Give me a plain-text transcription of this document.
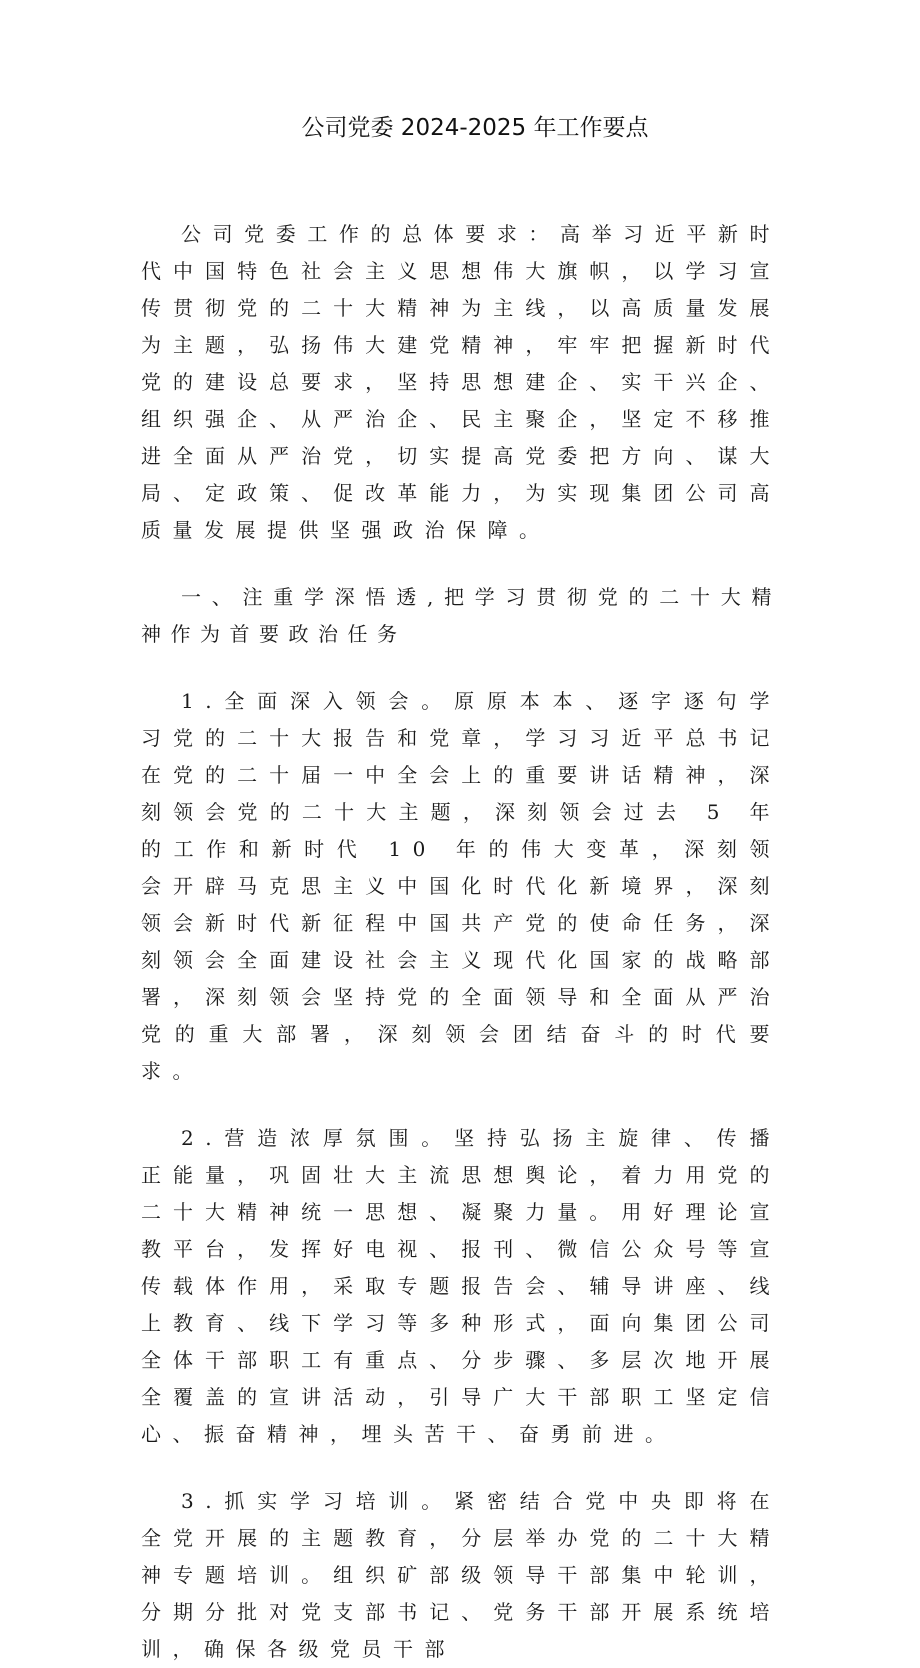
公司党委 2024-2025 年工作要点

公司党委工作的总体要求：高举习近平新时代中国特色社会主义思想伟大旗帜，以学习宣传贯彻党的二十大精神为主线，以高质量发展为主题，弘扬伟大建党精神，牢牢把握新时代党的建设总要求，坚持思想建企、实干兴企、组织强企、从严治企、民主聚企，坚定不移推进全面从严治党，切实提高党委把方向、谋大局、定政策、促改革能力，为实现集团公司高质量发展提供坚强政治保障。

一、注重学深悟透,把学习贯彻党的二十大精神作为首要政治任务

1.全面深入领会。原原本本、逐字逐句学习党的二十大报告和党章，学习习近平总书记在党的二十届一中全会上的重要讲话精神，深刻领会党的二十大主题，深刻领会过去 5 年的工作和新时代 10 年的伟大变革，深刻领会开辟马克思主义中国化时代化新境界，深刻领会新时代新征程中国共产党的使命任务，深刻领会全面建设社会主义现代化国家的战略部署，深刻领会坚持党的全面领导和全面从严治党的重大部署，深刻领会团结奋斗的时代要求。

2.营造浓厚氛围。坚持弘扬主旋律、传播正能量，巩固壮大主流思想舆论，着力用党的二十大精神统一思想、凝聚力量。用好理论宣教平台，发挥好电视、报刊、微信公众号等宣传载体作用，采取专题报告会、辅导讲座、线上教育、线下学习等多种形式，面向集团公司全体干部职工有重点、分步骤、多层次地开展全覆盖的宣讲活动，引导广大干部职工坚定信心、振奋精神，埋头苦干、奋勇前进。

3.抓实学习培训。紧密结合党中央即将在全党开展的主题教育，分层举办党的二十大精神专题培训。组织矿部级领导干部集中轮训，分期分批对党支部书记、党务干部开展系统培训，确保各级党员干部
